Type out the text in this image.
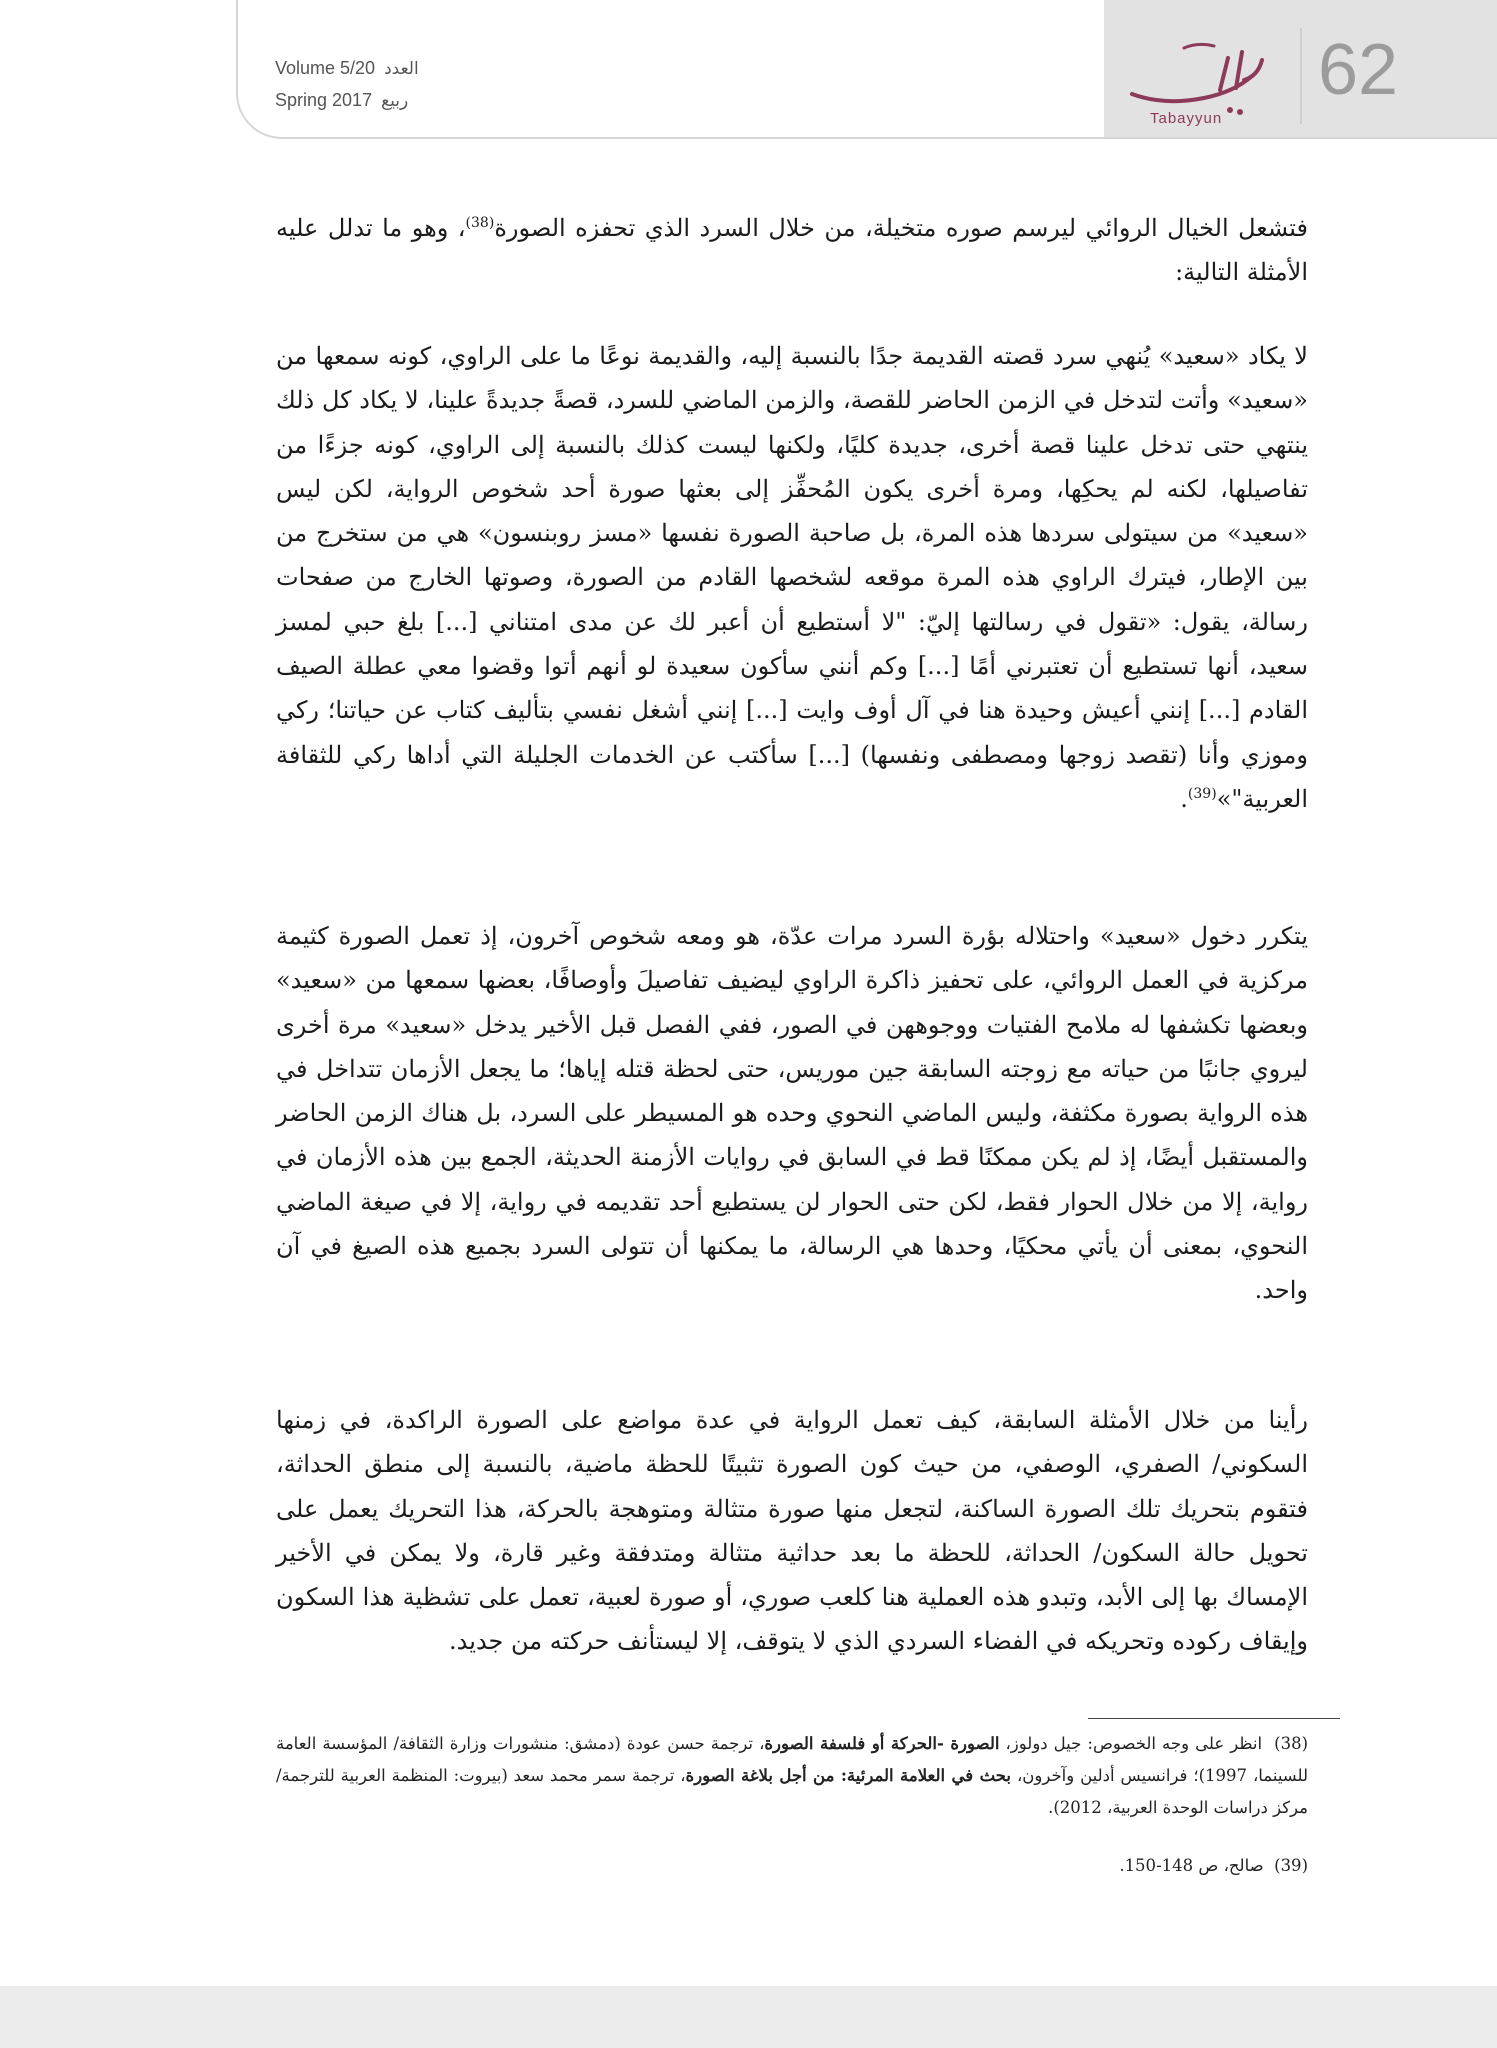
Volume 5/20 العدد
Spring 2017 ربيع
Tabayyun
62

فتشعل الخيال الروائي ليرسم صوره متخيلة، من خلال السرد الذي تحفزه الصورة$^{(38)}$، وهو ما تدلل عليه الأمثلة التالية:

لا يكاد «سعيد» يُنهي سرد قصته القديمة جدًا بالنسبة إليه، والقديمة نوعًا ما على الراوي، كونه سمعها من «سعيد» وأتت لتدخل في الزمن الحاضر للقصة، والزمن الماضي للسرد، قصةً جديدةً علينا، لا يكاد كل ذلك ينتهي حتى تدخل علينا قصة أخرى، جديدة كليًا، ولكنها ليست كذلك بالنسبة إلى الراوي، كونه جزءًا من تفاصيلها، لكنه لم يحكِها، ومرة أخرى يكون المُحفِّز إلى بعثها صورة أحد شخوص الرواية، لكن ليس «سعيد» من سيتولى سردها هذه المرة، بل صاحبة الصورة نفسها «مسز روبنسون» هي من ستخرج من بين الإطار، فيترك الراوي هذه المرة موقعه لشخصها القادم من الصورة، وصوتها الخارج من صفحات رسالة، يقول: «تقول في رسالتها إليّ: "لا أستطيع أن أعبر لك عن مدى امتناني [...] بلغ حبي لمسز سعيد، أنها تستطيع أن تعتبرني أمًا [...] وكم أنني سأكون سعيدة لو أنهم أتوا وقضوا معي عطلة الصيف القادم [...] إنني أعيش وحيدة هنا في آل أوف وايت [...] إنني أشغل نفسي بتأليف كتاب عن حياتنا؛ ركي وموزي وأنا (تقصد زوجها ومصطفى ونفسها) [...] سأكتب عن الخدمات الجليلة التي أداها ركي للثقافة العربية"»$^{(39)}$.

يتكرر دخول «سعيد» واحتلاله بؤرة السرد مرات عدّة، هو ومعه شخوص آخرون، إذ تعمل الصورة كثيمة مركزية في العمل الروائي، على تحفيز ذاكرة الراوي ليضيف تفاصيلَ وأوصافًا، بعضها سمعها من «سعيد» وبعضها تكشفها له ملامح الفتيات ووجوههن في الصور، ففي الفصل قبل الأخير يدخل «سعيد» مرة أخرى ليروي جانبًا من حياته مع زوجته السابقة جين موريس، حتى لحظة قتله إياها؛ ما يجعل الأزمان تتداخل في هذه الرواية بصورة مكثفة، وليس الماضي النحوي وحده هو المسيطر على السرد، بل هناك الزمن الحاضر والمستقبل أيضًا، إذ لم يكن ممكنًا قط في السابق في روايات الأزمنة الحديثة، الجمع بين هذه الأزمان في رواية، إلا من خلال الحوار فقط، لكن حتى الحوار لن يستطيع أحد تقديمه في رواية، إلا في صيغة الماضي النحوي، بمعنى أن يأتي محكيًا، وحدها هي الرسالة، ما يمكنها أن تتولى السرد بجميع هذه الصيغ في آن واحد.

رأينا من خلال الأمثلة السابقة، كيف تعمل الرواية في عدة مواضع على الصورة الراكدة، في زمنها السكوني/ الصفري، الوصفي، من حيث كون الصورة تثبيتًا للحظة ماضية، بالنسبة إلى منطق الحداثة، فتقوم بتحريك تلك الصورة الساكنة، لتجعل منها صورة متثالة ومتوهجة بالحركة، هذا التحريك يعمل على تحويل حالة السكون/ الحداثة، للحظة ما بعد حداثية متثالة ومتدفقة وغير قارة، ولا يمكن في الأخير الإمساك بها إلى الأبد، وتبدو هذه العملية هنا كلعب صوري، أو صورة لعبية، تعمل على تشظية هذا السكون وإيقاف ركوده وتحريكه في الفضاء السردي الذي لا يتوقف، إلا ليستأنف حركته من جديد.

(38)  انظر على وجه الخصوص: جيل دولوز، الصورة -الحركة أو فلسفة الصورة، ترجمة حسن عودة (دمشق: منشورات وزارة الثقافة/ المؤسسة العامة للسينما، 1997)؛ فرانسيس أدلين وآخرون، بحث في العلامة المرئية: من أجل بلاغة الصورة، ترجمة سمر محمد سعد (بيروت: المنظمة العربية للترجمة/ مركز دراسات الوحدة العربية، 2012).

(39)  صالح، ص 148-150.
